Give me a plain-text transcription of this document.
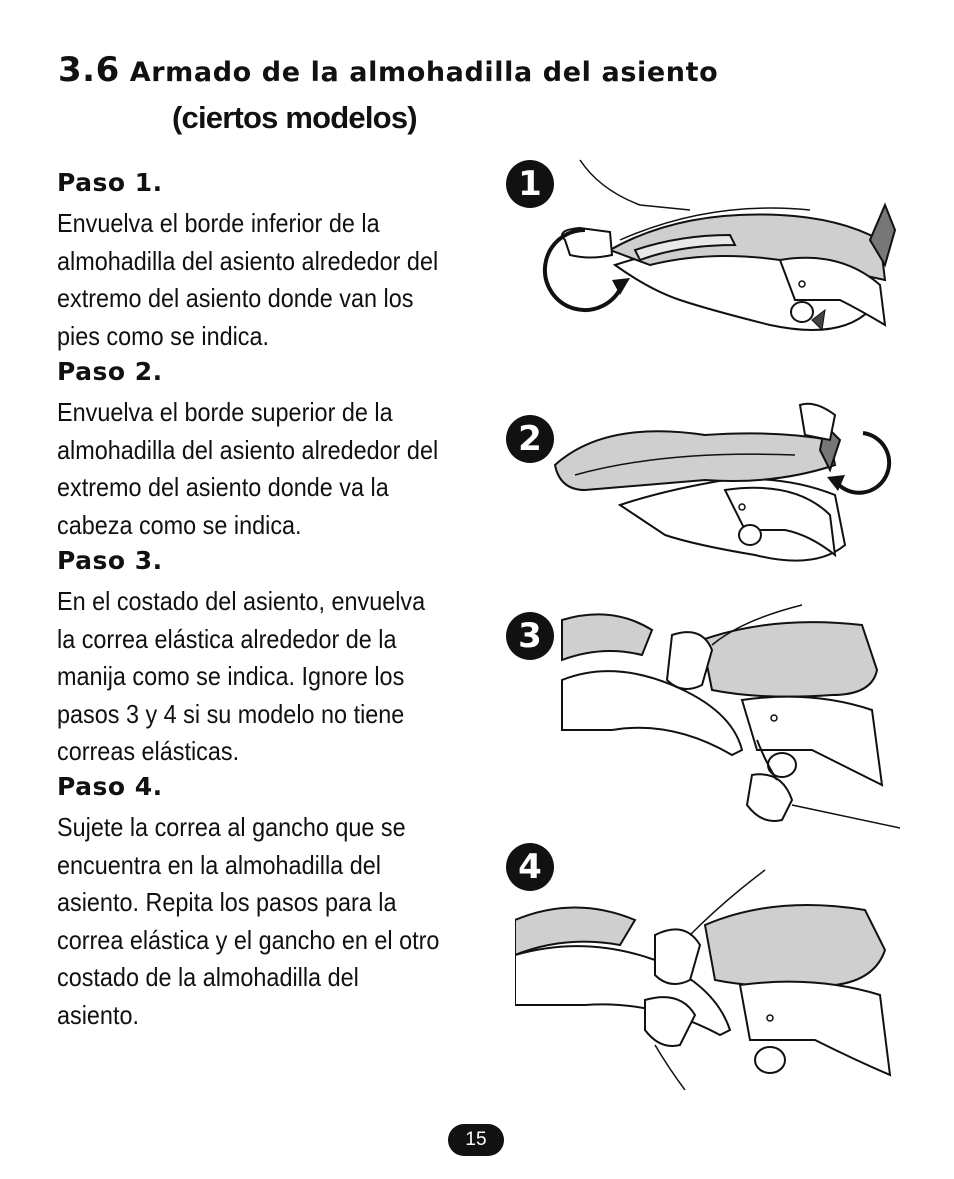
3.6 Armado de la almohadilla del asiento
(ciertos modelos)
Paso 1.
Envuelva el borde inferior de la almohadilla del asiento alrededor del extremo del asiento donde van los pies como se indica.
Paso 2.
Envuelva el borde superior de la almohadilla del asiento alrededor del extremo del asiento donde va la cabeza como se indica.
Paso 3.
En el costado del asiento, envuelva la correa elástica alrededor de la manija como se indica. Ignore los pasos 3 y 4 si su modelo no tiene correas elásticas.
Paso 4.
Sujete la correa al gancho que se encuentra en la almohadilla del asiento. Repita los pasos para la correa elástica y el gancho en el otro costado de la almohadilla del asiento.
1
2
3
4
15
